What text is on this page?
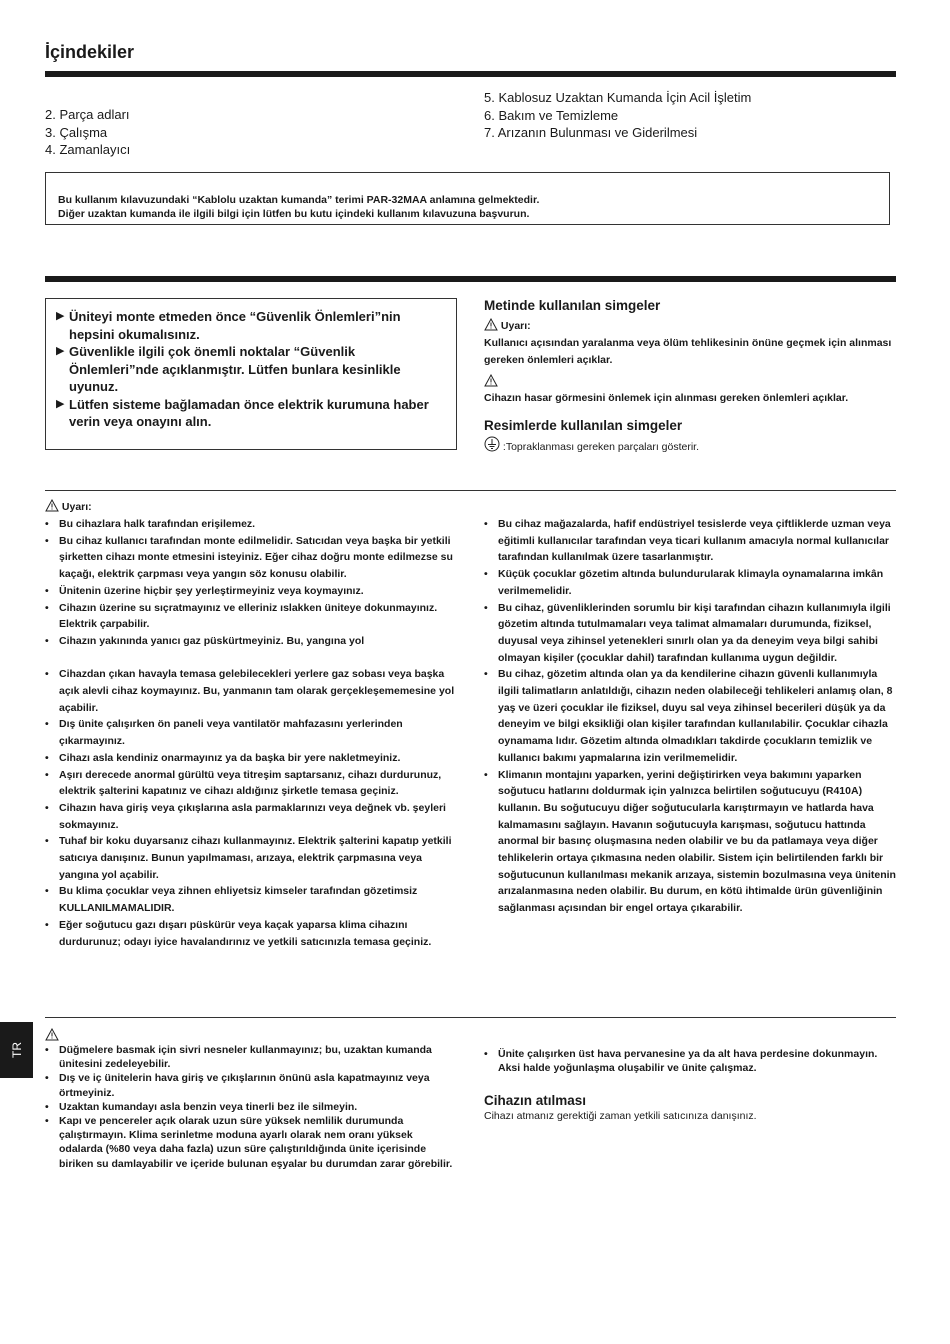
İçindekiler
2. Parça adları
3. Çalışma
4. Zamanlayıcı
5. Kablosuz Uzaktan Kumanda İçin Acil İşletim
6. Bakım ve Temizleme
7. Arızanın Bulunması ve Giderilmesi
Bu kullanım kılavuzundaki “Kablolu uzaktan kumanda” terimi PAR-32MAA anlamına gelmektedir.
Diğer uzaktan kumanda ile ilgili bilgi için lütfen bu kutu içindeki kullanım kılavuzuna başvurun.
▶ Üniteyi monte etmeden önce “Güvenlik Önlemleri”nin hepsini okumalısınız.
▶ Güvenlikle ilgili çok önemli noktalar “Güvenlik Önlemleri”nde açıklanmıştır. Lütfen bunlara kesinlikle uyunuz.
▶ Lütfen sisteme bağlamadan önce elektrik kurumuna haber verin veya onayını alın.
Metinde kullanılan simgeler
Uyarı:
Kullanıcı açısından yaralanma veya ölüm tehlikesinin önüne geçmek için alınması gereken önlemleri açıklar.
Cihazın hasar görmesini önlemek için alınması gereken önlemleri açıklar.
Resimlerde kullanılan simgeler
:Topraklanması gereken parçaları gösterir.
Uyarı:
• Bu cihazlara halk tarafından erişilemez.
• Bu cihaz kullanıcı tarafından monte edilmelidir. Satıcıdan veya başka bir yetkili şirketten cihazı monte etmesini isteyiniz. Eğer cihaz doğru monte edilmezse su kaçağı, elektrik çarpması veya yangın söz konusu olabilir.
• Ünitenin üzerine hiçbir şey yerleştirmeyiniz veya koymayınız.
• Cihazın üzerine su sıçratmayınız ve elleriniz ıslakken üniteye dokunmayınız. Elektrik çarpabilir.
• Cihazın yakınında yanıcı gaz püskürtmeyiniz. Bu, yangına yol
• Cihazdan çıkan havayla temasa gelebilecekleri yerlere gaz sobası veya başka açık alevli cihaz koymayınız. Bu, yanmanın tam olarak gerçekleşememesine yol açabilir.
• Dış ünite çalışırken ön paneli veya vantilatör mahfazasını yerlerinden çıkarmayınız.
• Cihazı asla kendiniz onarmayınız ya da başka bir yere nakletmeyiniz.
• Aşırı derecede anormal gürültü veya titreşim saptarsanız, cihazı durdurunuz, elektrik şalterini kapatınız ve cihazı aldığınız şirketle temasa geçiniz.
• Cihazın hava giriş veya çıkışlarına asla parmaklarınızı veya değnek vb. şeyleri sokmayınız.
• Tuhaf bir koku duyarsanız cihazı kullanmayınız. Elektrik şalterini kapatıp yetkili satıcıya danışınız. Bunun yapılmaması, arızaya, elektrik çarpmasına veya yangına yol açabilir.
• Bu klima çocuklar veya zihnen ehliyetsiz kimseler tarafından gözetimsiz KULLANILMAMALIDIR.
• Eğer soğutucu gazı dışarı püskürür veya kaçak yaparsa klima cihazını durdurunuz; odayı iyice havalandırınız ve yetkili satıcınızla temasa geçiniz.
• Bu cihaz mağazalarda, hafif endüstriyel tesislerde veya çiftliklerde uzman veya eğitimli kullanıcılar tarafından veya ticari kullanım amacıyla normal kullanıcılar tarafından kullanılmak üzere tasarlanmıştır.
• Küçük çocuklar gözetim altında bulundurularak klimayla oynamalarına imkân verilmemelidir.
• Bu cihaz, güvenliklerinden sorumlu bir kişi tarafından cihazın kullanımıyla ilgili gözetim altında tutulmamaları veya talimat almamaları durumunda, fiziksel, duyusal veya zihinsel yetenekleri sınırlı olan ya da deneyim veya bilgi sahibi olmayan kişiler (çocuklar dahil) tarafından kullanıma uygun değildir.
• Bu cihaz, gözetim altında olan ya da kendilerine cihazın güvenli kullanımıyla ilgili talimatların anlatıldığı, cihazın neden olabileceği tehlikeleri anlamış olan, 8 yaş ve üzeri çocuklar ile fiziksel, duyu sal veya zihinsel becerileri düşük ya da deneyim ve bilgi eksikliği olan kişiler tarafından kullanılabilir. Çocuklar cihazla oynamama lıdır. Gözetim altında olmadıkları takdirde çocukların temizlik ve kullanıcı bakımı yapmalarına izin verilmemelidir.
• Klimanın montajını yaparken, yerini değiştirirken veya bakımını yaparken soğutucu hatlarını doldurmak için yalnızca belirtilen soğutucuyu (R410A) kullanın. Bu soğutucuyu diğer soğutucularla karıştırmayın ve hatlarda hava kalmamasını sağlayın. Havanın soğutucuyla karışması, soğutucu hattında anormal bir basınç oluşmasına neden olabilir ve bu da patlamaya veya diğer tehlikelerin ortaya çıkmasına neden olabilir. Sistem için belirtilenden farklı bir soğutucunun kullanılması mekanik arızaya, sistemin bozulmasına veya ünitenin arızalanmasına neden olabilir. Bu durum, en kötü ihtimalde ürün güvenliğinin sağlanması açısından bir engel ortaya çıkarabilir.
TR • Düğmelere basmak için sivri nesneler kullanmayınız; bu, uzaktan kumanda ünitesini zedeleyebilir.
• Dış ve iç ünitelerin hava giriş ve çıkışlarının önünü asla kapatmayınız veya örtmeyiniz.
• Uzaktan kumandayı asla benzin veya tinerli bez ile silmeyin.
• Kapı ve pencereler açık olarak uzun süre yüksek nemlilik durumunda çalıştırmayın. Klima serinletme moduna ayarlı olarak nem oranı yüksek odalarda (%80 veya daha fazla) uzun süre çalıştırıldığında ünite içerisinde biriken su damlayabilir ve içeride bulunan eşyalar bu durumdan zarar görebilir.
• Ünite çalışırken üst hava pervanesine ya da alt hava perdesine dokunmayın. Aksi halde yoğunlaşma oluşabilir ve ünite çalışmaz.
Cihazın atılması
Cihazı atmanız gerektiği zaman yetkili satıcınıza danışınız.
